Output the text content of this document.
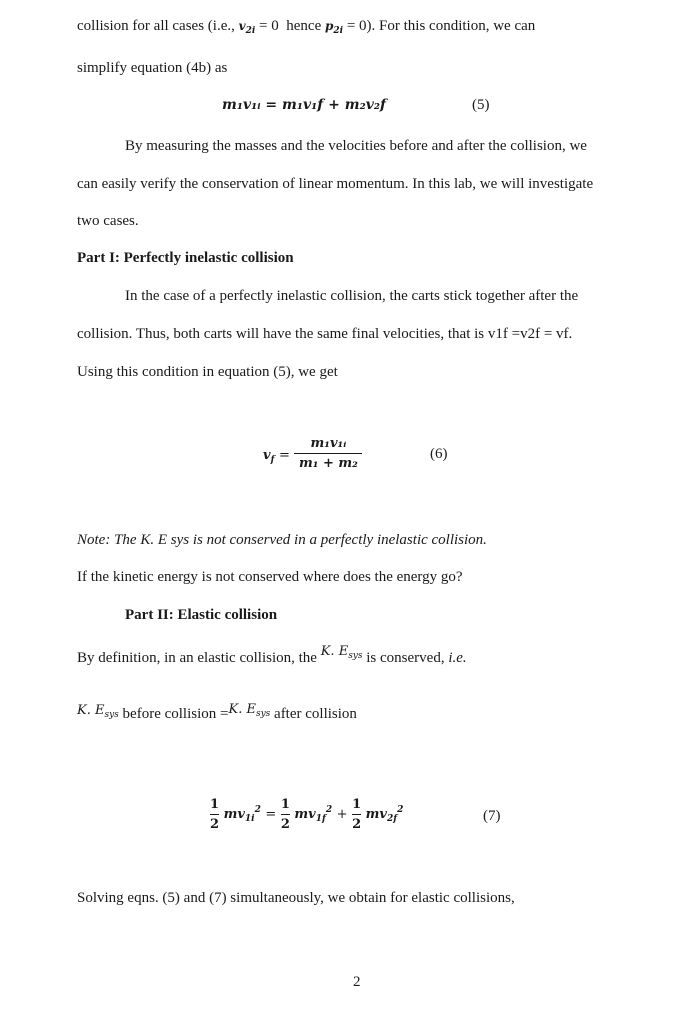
collision for all cases (i.e., $v_{2i} = 0$ hence $p_{2i} = 0$). For this condition, we can
simplify equation (4b) as
m₁v₁ᵢ = m₁v₁f + m₂v₂f	(5)
By measuring the masses and the velocities before and after the collision, we
can easily verify the conservation of linear momentum. In this lab, we will investigate
two cases.
Part I: Perfectly inelastic collision
In the case of a perfectly inelastic collision, the carts stick together after the
collision. Thus, both carts will have the same final velocities, that is v1f =v2f = vf.
Using this condition in equation (5), we get
$v_f = \frac{\text{m₁v₁ᵢ}}{\text{m₁ + m₂}}$	(6)
Note: The K. E sys is not conserved in a perfectly inelastic collision.
If the kinetic energy is not conserved where does the energy go?
Part II: Elastic collision
By definition, in an elastic collision, the K. $E_{sys}$ is conserved, i.e.
K. $E_{sys}$ before collision =K. $E_{sys}$ after collision
$\frac{1}{2} mv_{1i}^2 = \frac{1}{2} mv_{1f}^2 + \frac{1}{2} mv_{2f}^2$	(7)
Solving eqns. (5) and (7) simultaneously, we obtain for elastic collisions,
2
